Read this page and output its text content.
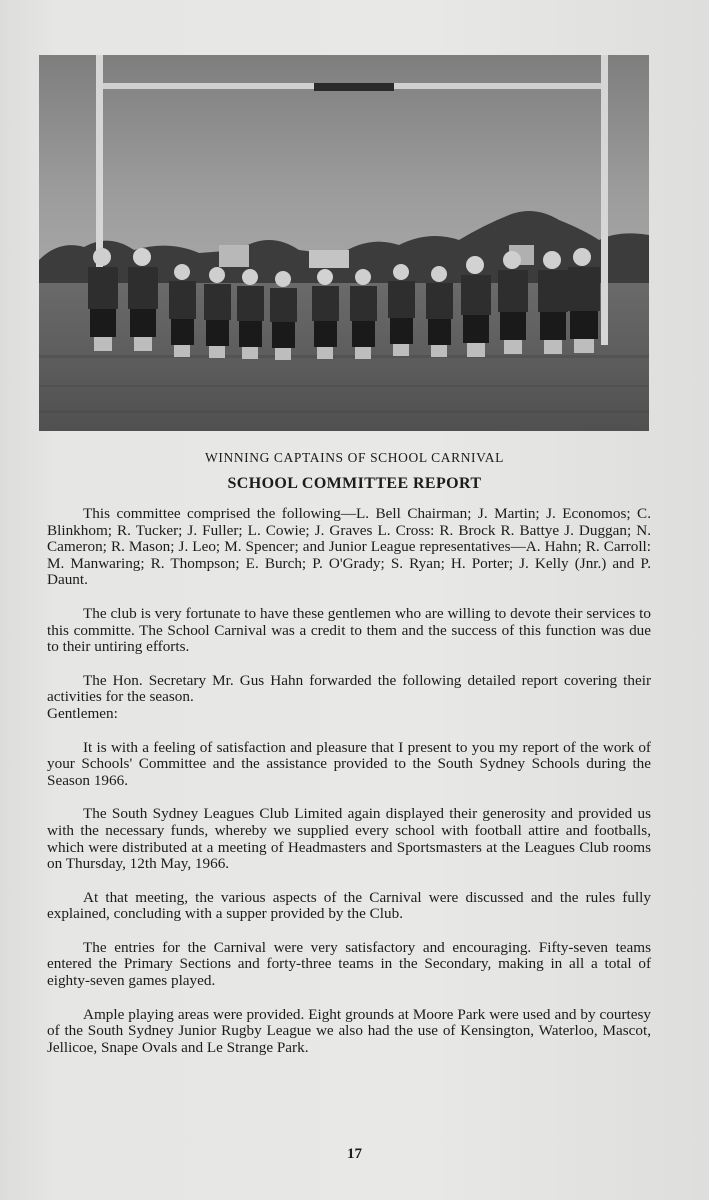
WINNING CAPTAINS OF SCHOOL CARNIVAL
SCHOOL COMMITTEE REPORT

This committee comprised the following—L. Bell Chairman; J. Martin; J. Economos; C. Blinkhom; R. Tucker; J. Fuller; L. Cowie; J. Graves L. Cross: R. Brock R. Battye J. Duggan; N. Cameron; R. Mason; J. Leo; M. Spencer; and Junior League representatives—A. Hahn; R. Carroll: M. Manwaring; R. Thompson; E. Burch; P. O'Grady; S. Ryan; H. Porter; J. Kelly (Jnr.) and P. Daunt.

The club is very fortunate to have these gentlemen who are willing to devote their services to this committe. The School Carnival was a credit to them and the success of this function was due to their untiring efforts.

The Hon. Secretary Mr. Gus Hahn forwarded the following detailed report covering their activities for the season.

Gentlemen:

It is with a feeling of satisfaction and pleasure that I present to you my report of the work of your Schools' Committee and the assistance provided to the South Sydney Schools during the Season 1966.

The South Sydney Leagues Club Limited again displayed their generosity and provided us with the necessary funds, whereby we supplied every school with football attire and footballs, which were distributed at a meeting of Headmasters and Sportsmasters at the Leagues Club rooms on Thursday, 12th May, 1966.

At that meeting, the various aspects of the Carnival were discussed and the rules fully explained, concluding with a supper provided by the Club.

The entries for the Carnival were very satisfactory and encouraging. Fifty-seven teams entered the Primary Sections and forty-three teams in the Secondary, making in all a total of eighty-seven games played.

Ample playing areas were provided. Eight grounds at Moore Park were used and by courtesy of the South Sydney Junior Rugby League we also had the use of Kensington, Waterloo, Mascot, Jellicoe, Snape Ovals and Le Strange Park.

17
